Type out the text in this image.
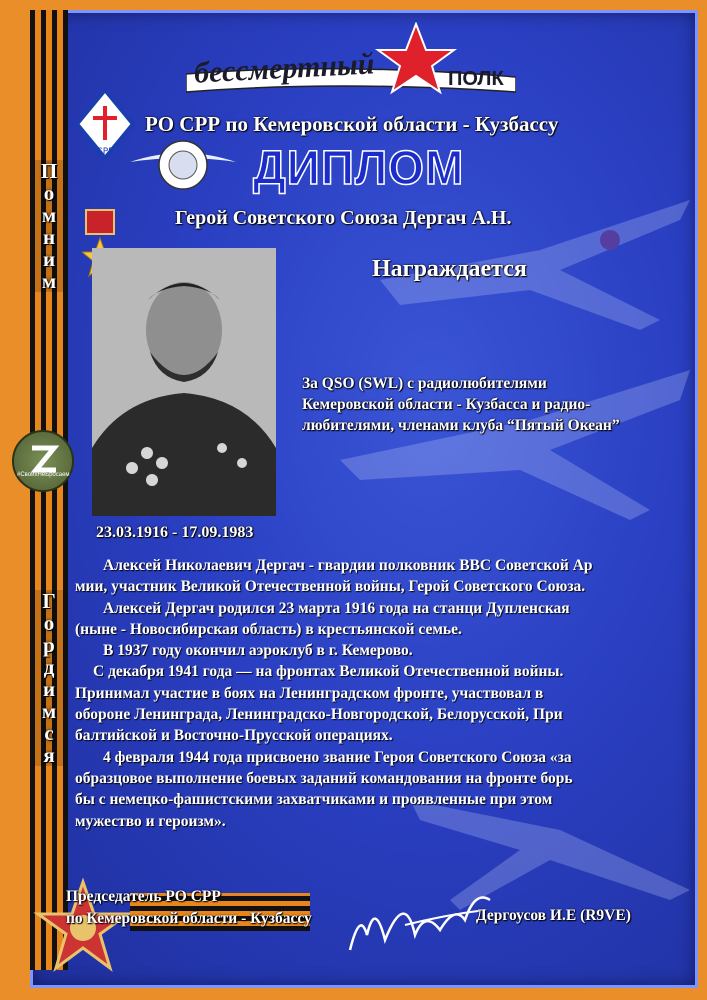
П
о
м
н
и
м
Г
о
р
д
и
м
с
я
#СвоихНеБросаем
бессмертный	ПОЛК
СРР
РО СРР по Кемеровской области - Кузбассу
ДИПЛОМ
Герой Советского Союза Дергач А.Н.
Награждается
23.03.1916 - 17.09.1983
За QSO (SWL) с радиолюбителями
Кемеровской области - Кузбасса и радио-
любителями, членами клуба “Пятый Океан”

Алексей Николаевич Дергач - гвардии полковник ВВС Советской Ар

мии, участник Великой Отечественной войны, Герой Советского Союза.

Алексей Дергач родился 23 марта 1916 года на станци Дупленская

(ныне - Новосибирская область) в крестьянской семье.

В 1937 году окончил аэроклуб в г. Кемерово.

С декабря 1941 года — на фронтах Великой Отечественной войны.

Принимал участие в боях на Ленинградском фронте, участвовал в

обороне Ленинграда, Ленинградско-Новгородской, Белорусской, При

балтийской и Восточно-Прусской операциях.

4 февраля 1944 года присвоено звание Героя Советского Союза «за

образцовое выполнение боевых заданий командования на фронте борь

бы с немецко-фашистскими захватчиками и проявленные при этом

мужество и героизм».

Председатель РО СРР
по Кемеровской области - Кузбассу	Дергоусов И.Е (R9VE)
